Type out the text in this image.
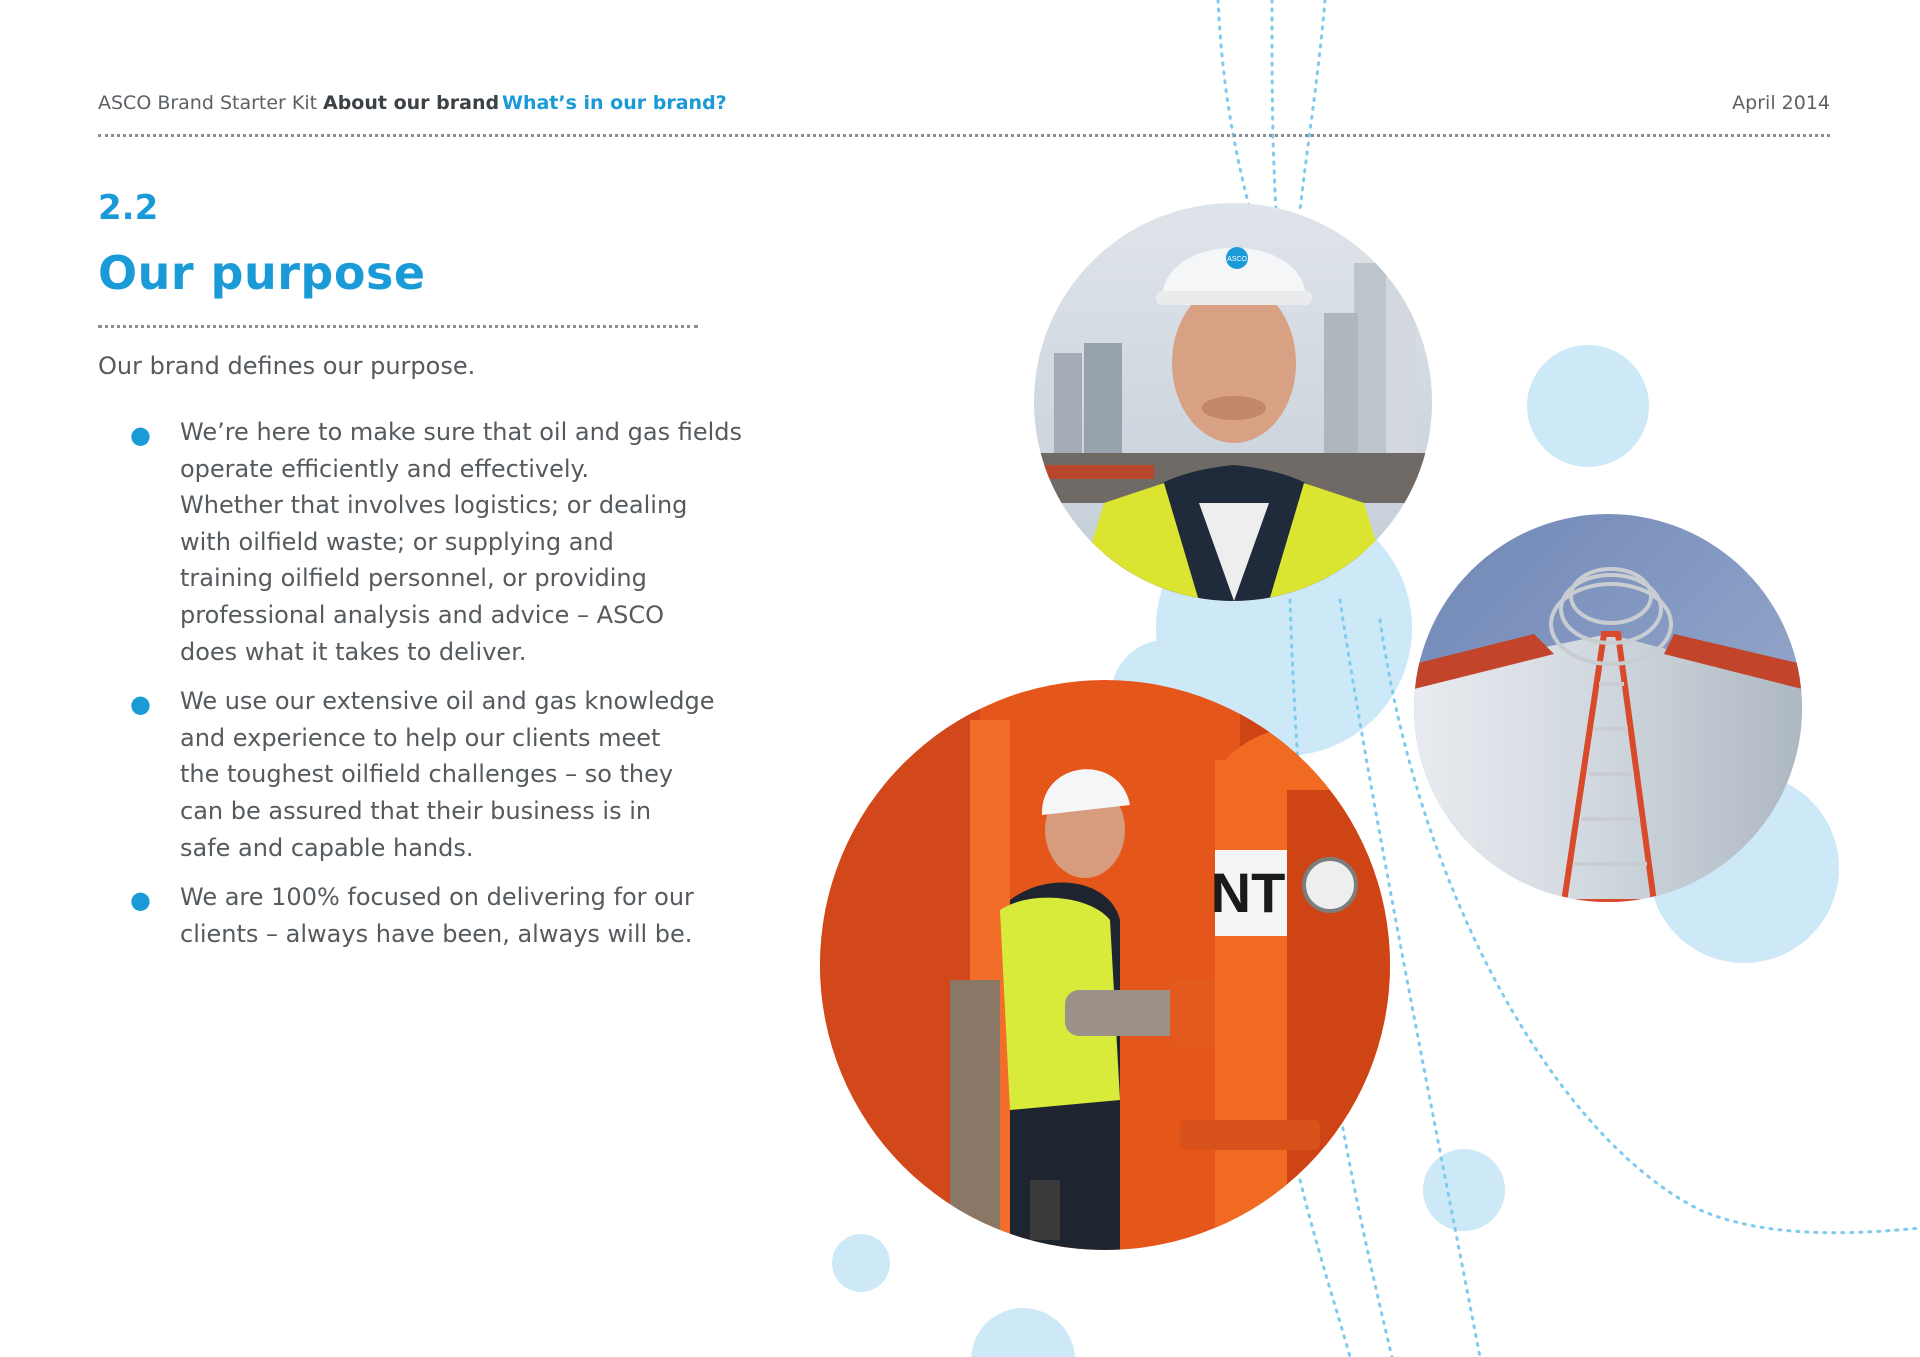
ASCO Brand Starter Kit About our brand What’s in our brand?	April 2014
2.2
Our purpose
Our brand defines our purpose.
● We’re here to make sure that oil and gas fields
operate efficiently and effectively.
Whether that involves logistics; or dealing
with oilfield waste; or supplying and
training oilfield personnel, or providing
professional analysis and advice – ASCO
does what it takes to deliver.
● We use our extensive oil and gas knowledge
and experience to help our clients meet
the toughest oilfield challenges – so they
can be assured that their business is in
safe and capable hands.
● We are 100% focused on delivering for our
clients – always have been, always will be.
ASCO
NT
